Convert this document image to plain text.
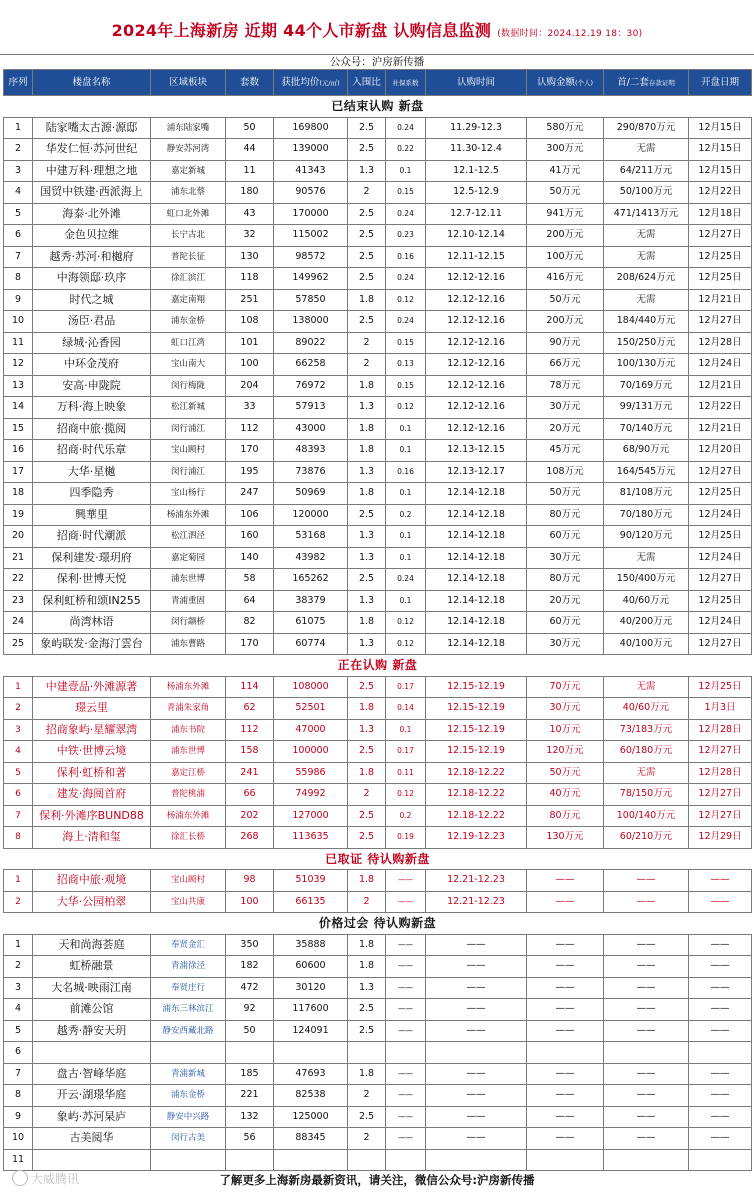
2024年上海新房 近期 44个人市新盘 认购信息监测 (数据时间：2024.12.19 18：30)
公众号：沪房新传播
序列	楼盘名称	区域板块	套数	获批均价(元/㎡)	入围比	社保系数	认购时间	认购金额(个人)	首/二套存款证明	开盘日期
已结束认购 新盘										
1	陆家嘴太古源·源邸	浦东陆家嘴	50	169800	2.5	0.24	11.29-12.3	580万元	290/870万元	12月15日
2	华发仁恒·苏河世纪	静安苏河湾	44	139000	2.5	0.22	11.30-12.4	300万元	无需	12月15日
3	中建万科·理想之地	嘉定新城	11	41343	1.3	0.1	12.1-12.5	41万元	64/211万元	12月15日
4	国贸中铁建·西派海上	浦东北蔡	180	90576	2	0.15	12.5-12.9	50万元	50/100万元	12月22日
5	海泰·北外滩	虹口北外滩	43	170000	2.5	0.24	12.7-12.11	941万元	471/1413万元	12月18日
6	金色贝拉维	长宁古北	32	115002	2.5	0.23	12.10-12.14	200万元	无需	12月27日
7	越秀·苏河·和樾府	普陀长征	130	98572	2.5	0.16	12.11-12.15	100万元	无需	12月25日
8	中海领邸·玖序	徐汇滨江	118	149962	2.5	0.24	12.12-12.16	416万元	208/624万元	12月25日
9	时代之城	嘉定南翔	251	57850	1.8	0.12	12.12-12.16	50万元	无需	12月21日
10	汤臣·君品	浦东金桥	108	138000	2.5	0.24	12.12-12.16	200万元	184/440万元	12月27日
11	绿城·沁香园	虹口江湾	101	89022	2	0.15	12.12-12.16	90万元	150/250万元	12月28日
12	中环金茂府	宝山南大	100	66258	2	0.13	12.12-12.16	66万元	100/130万元	12月24日
13	安高·申陇院	闵行梅陇	204	76972	1.8	0.15	12.12-12.16	78万元	70/169万元	12月21日
14	万科·海上映象	松江新城	33	57913	1.3	0.12	12.12-12.16	30万元	99/131万元	12月22日
15	招商中旅·揽阅	闵行浦江	112	43000	1.8	0.1	12.12-12.16	20万元	70/140万元	12月21日
16	招商·时代乐章	宝山顾村	170	48393	1.8	0.1	12.13-12.15	45万元	68/90万元	12月20日
17	大华·星樾	闵行浦江	195	73876	1.3	0.16	12.13-12.17	108万元	164/545万元	12月27日
18	四季隐秀	宝山杨行	247	50969	1.8	0.1	12.14-12.18	50万元	81/108万元	12月25日
19	興華里	杨浦东外滩	106	120000	2.5	0.2	12.14-12.18	80万元	70/180万元	12月24日
20	招商·时代潮派	松江泗泾	160	53168	1.3	0.1	12.14-12.18	60万元	90/120万元	12月25日
21	保利建发·璟玥府	嘉定菊园	140	43982	1.3	0.1	12.14-12.18	30万元	无需	12月24日
22	保利·世博天悦	浦东世博	58	165262	2.5	0.24	12.14-12.18	80万元	150/400万元	12月27日
23	保利虹桥和颂IN255	青浦重固	64	38379	1.3	0.1	12.14-12.18	20万元	40/60万元	12月25日
24	尚湾林语	闵行颛桥	82	61075	1.8	0.12	12.14-12.18	60万元	40/200万元	12月24日
25	象屿联发·金海汀雲台	浦东曹路	170	60774	1.3	0.12	12.14-12.18	30万元	40/100万元	12月27日
正在认购 新盘										
1	中建壹品·外滩源著	杨浦东外滩	114	108000	2.5	0.17	12.15-12.19	70万元	无需	12月25日
2	璟云里	青浦朱家角	62	52501	1.8	0.14	12.15-12.19	30万元	40/60万元	1月3日
3	招商象屿·星耀翠湾	浦东书院	112	47000	1.3	0.1	12.15-12.19	10万元	73/183万元	12月28日
4	中铁·世博云境	浦东世博	158	100000	2.5	0.17	12.15-12.19	120万元	60/180万元	12月27日
5	保利·虹桥和著	嘉定江桥	241	55986	1.8	0.11	12.18-12.22	50万元	无需	12月28日
6	建发·海阅首府	普陀桃浦	66	74992	2	0.12	12.18-12.22	40万元	78/150万元	12月27日
7	保利·外滩序BUND88	杨浦东外滩	202	127000	2.5	0.2	12.18-12.22	80万元	100/140万元	12月27日
8	海上·清和玺	徐汇长桥	268	113635	2.5	0.19	12.19-12.23	130万元	60/210万元	12月29日
已取证 待认购新盘										
1	招商中旅·观境	宝山顾村	98	51039	1.8	——	12.21-12.23	——	——	——
2	大华·公园柏翠	宝山共康	100	66135	2	——	12.21-12.23	——	——	——
价格过会 待认购新盘										
1	天和尚海荟庭	奉贤金汇	350	35888	1.8	——	——	——	——	——
2	虹桥融景	青浦徐泾	182	60600	1.8	——	——	——	——	——
3	大名城·映雨江南	奉贤庄行	472	30120	1.3	——	——	——	——	——
4	前滩公馆	浦东三林滨江	92	117600	2.5	——	——	——	——	——
5	越秀·静安天玥	静安西藏北路	50	124091	2.5	——	——	——	——	——
6										
7	盘古·智峰华庭	青浦新城	185	47693	1.8	——	——	——	——	——
8	开云·湖璟华庭	浦东金桥	221	82538	2	——	——	——	——	——
9	象屿·苏河杲庐	静安中兴路	132	125000	2.5	——	——	——	——	——
10	古美阅华	闵行古美	56	88345	2	——	——	——	——	——
11										
大威腾讯	了解更多上海新房最新资讯，请关注，微信公众号:沪房新传播
